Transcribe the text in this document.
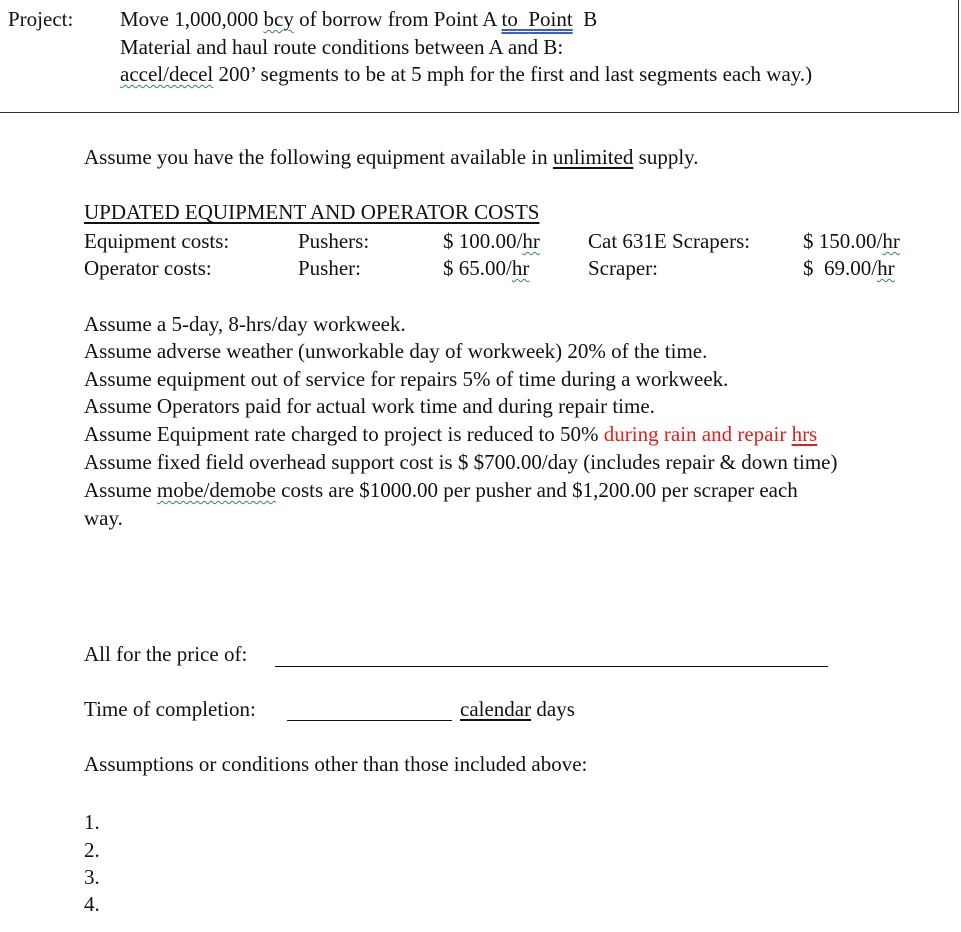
Project: Move 1,000,000 bcy of borrow from Point A to Point  B
Material and haul route conditions between A and B:
accel/decel 200’ segments to be at 5 mph for the first and last segments each way.)
Assume you have the following equipment available in unlimited supply.
UPDATED EQUIPMENT AND OPERATOR COSTS
Equipment costs:
Operator costs:
Pushers:
Pusher:
$ 100.00/hr
$ 65.00/hr
Cat 631E Scrapers:
Scraper:
$ 150.00/hr
$  69.00/hr
Assume a 5-day, 8-hrs/day workweek.
Assume adverse weather (unworkable day of workweek) 20% of the time.
Assume equipment out of service for repairs 5% of time during a workweek.
Assume Operators paid for actual work time and during repair time.
Assume Equipment rate charged to project is reduced to 50% during rain and repair hrs
Assume fixed field overhead support cost is $ $700.00/day (includes repair & down time)
Assume mobe/demobe costs are $1000.00 per pusher and $1,200.00 per scraper each
way.
All for the price of:
Time of completion:	calendar days
Assumptions or conditions other than those included above:
1.
2.
3.
4.
